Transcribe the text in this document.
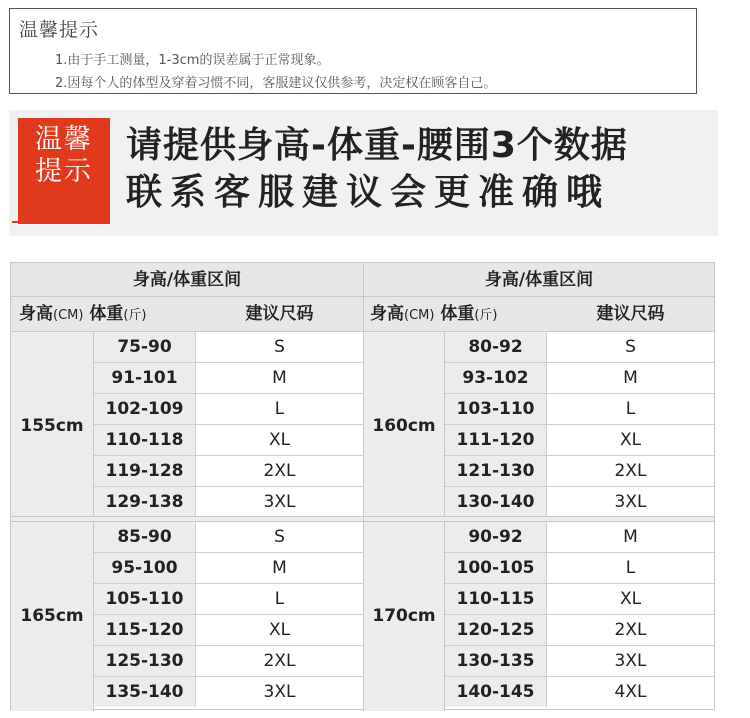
温馨提示
1.由于手工测量，1-3cm的误差属于正常现象。
2.因每个人的体型及穿着习惯不同，客服建议仅供参考，决定权在顾客自己。
温馨
提示
REMINDER
请提供身高-体重-腰围3个数据
联系客服建议会更准确哦
身高/体重区间
身高(CM) 体重(斤)	建议尺码
身高/体重区间
身高(CM) 体重(斤)	建议尺码
155cm
75-90	S
91-101	M
102-109	L
110-118	XL
119-128	2XL
129-138	3XL
160cm
80-92	S
93-102	M
103-110	L
111-120	XL
121-130	2XL
130-140	3XL
165cm
85-90	S
95-100	M
105-110	L
115-120	XL
125-130	2XL
135-140	3XL
170cm
90-92	M
100-105	L
110-115	XL
120-125	2XL
130-135	3XL
140-145	4XL
